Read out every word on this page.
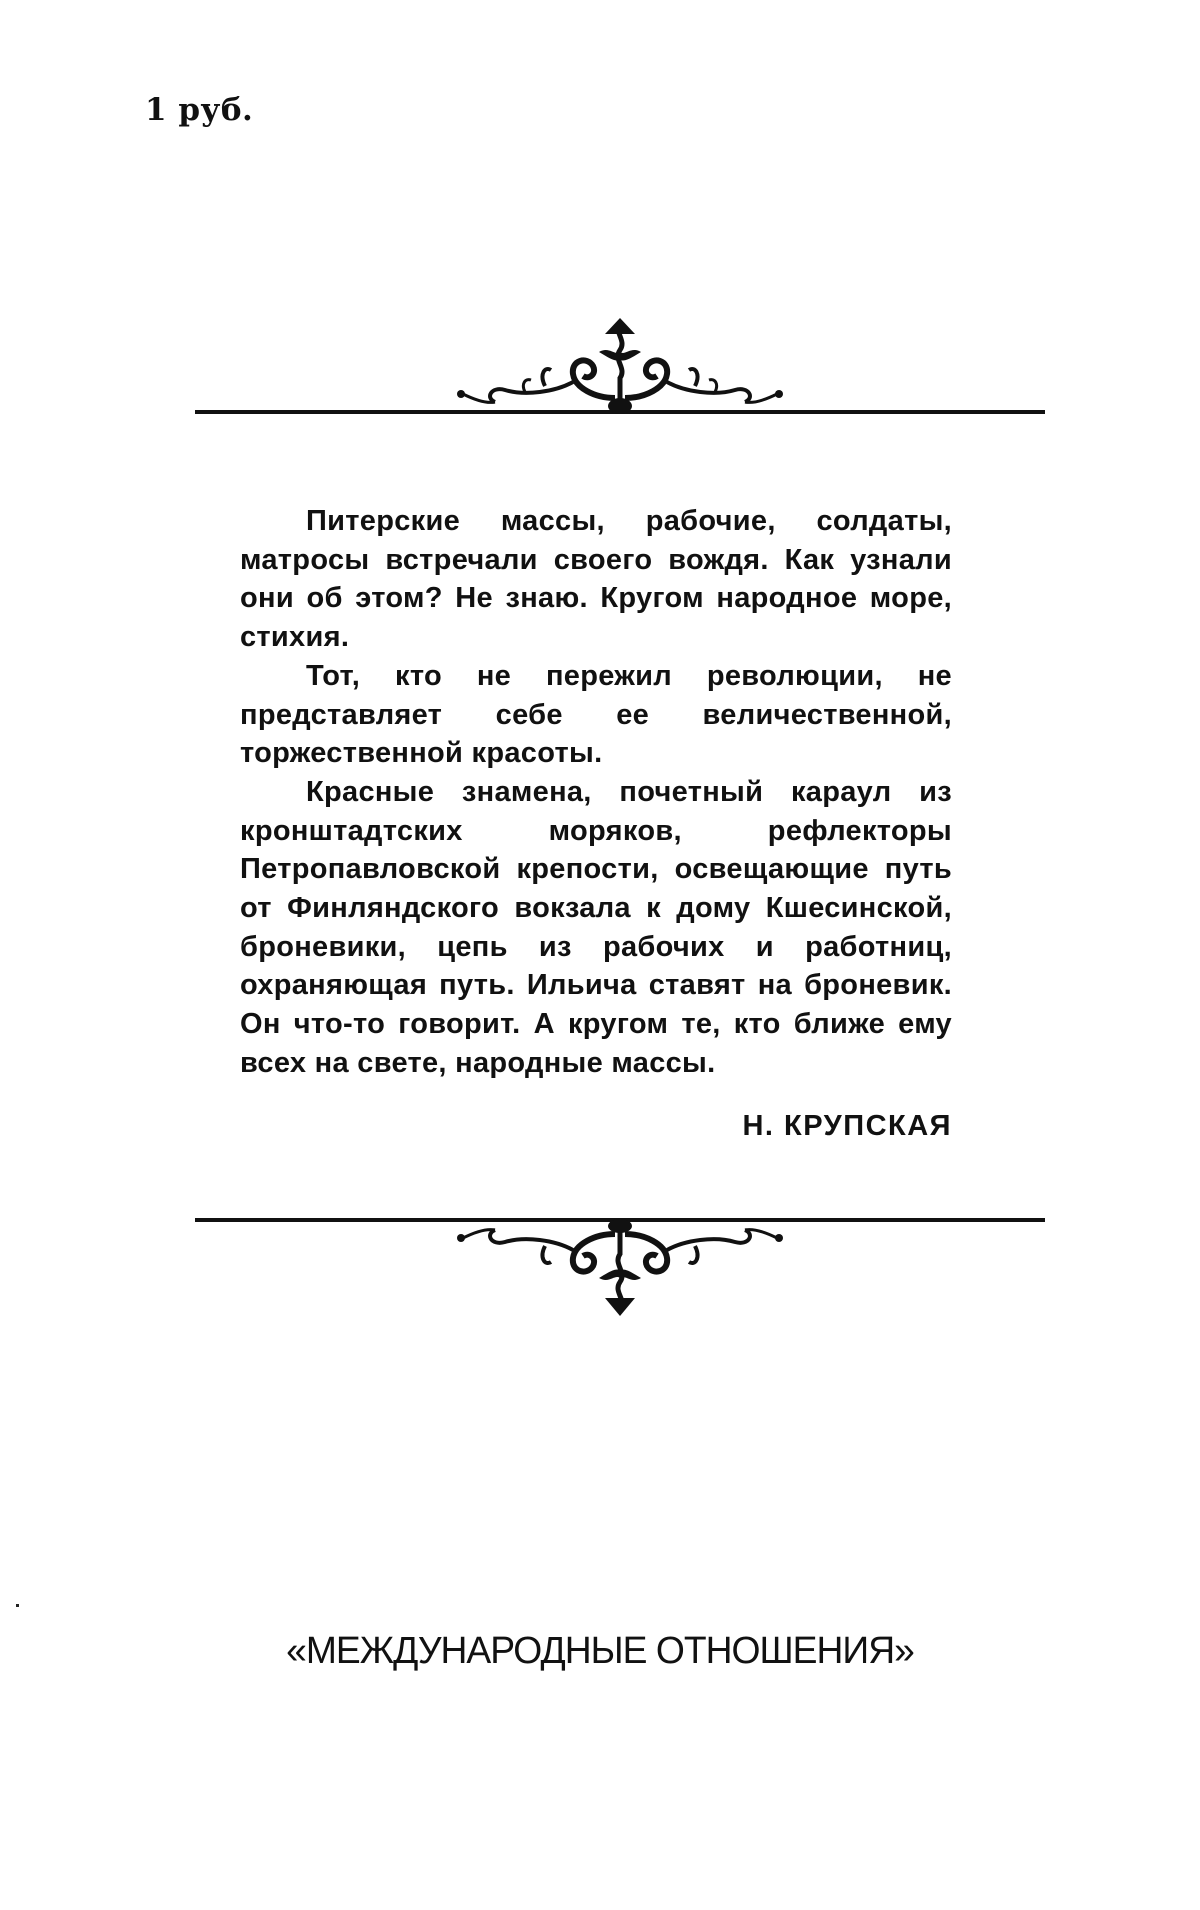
1 руб.

Питерские массы, рабочие, солдаты, матросы встречали своего вождя. Как узнали они об этом? Не знаю. Кругом народное море, стихия.

Тот, кто не пережил революции, не представляет себе ее величественной, торжественной красоты.

Красные знамена, почетный караул из кронштадтских моряков, рефлекторы Петропавловской крепости, освещающие путь от Финляндского вокзала к дому Кшесинской, броневики, цепь из рабочих и работниц, охраняющая путь. Ильича ставят на броневик. Он что-то говорит. А кругом те, кто ближе ему всех на свете, народные массы.

Н. КРУПСКАЯ
«МЕЖДУНАРОДНЫЕ ОТНОШЕНИЯ»
